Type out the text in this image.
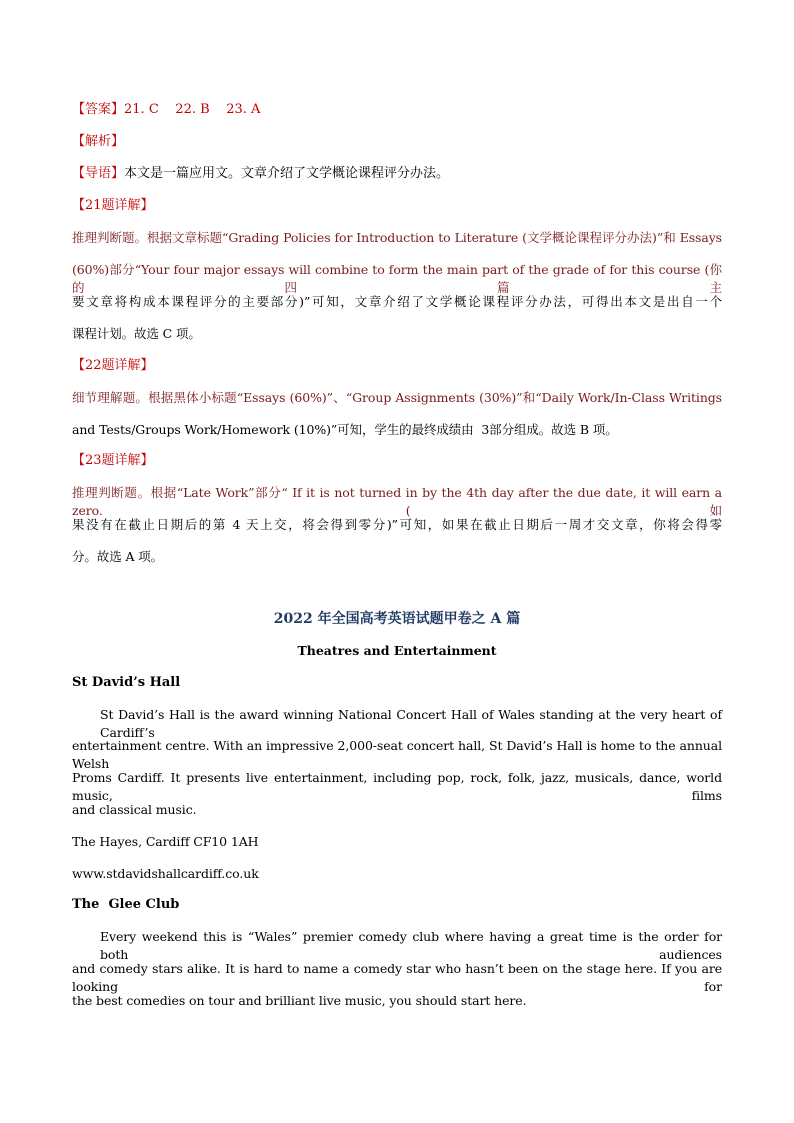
【答案】21. C    22. B    23. A
【解析】
【导语】本文是一篇应用文。文章介绍了文学概论课程评分办法。
【21题详解】
推理判断题。根据文章标题“Grading Policies for Introduction to Literature (文学概论课程评分办法)”和 Essays
(60%)部分“Your four major essays will combine to form the main part of the grade of for this course (你的四篇主
要文章将构成本课程评分的主要部分)”可知，文章介绍了文学概论课程评分办法，可得出本文是出自一个
课程计划。故选 C 项。
【22题详解】
细节理解题。根据黑体小标题“Essays (60%)”、“Group Assignments (30%)”和“Daily Work/In-Class Writings
and Tests/Groups Work/Homework (10%)”可知，学生的最终成绩由  3部分组成。故选 B 项。
【23题详解】
推理判断题。根据“Late Work”部分“ If it is not turned in by the 4th day after the due date, it will earn a zero. (如
果没有在截止日期后的第 4 天上交，将会得到零分)”可知，如果在截止日期后一周才交文章，你将会得零
分。故选 A 项。
2022 年全国高考英语试题甲卷之 A 篇
Theatres and Entertainment
St David’s Hall
St David’s Hall is the award winning National Concert Hall of Wales standing at the very heart of Cardiff’s
entertainment centre. With an impressive 2,000-seat concert hall, St David’s Hall is home to the annual Welsh
Proms Cardiff. It presents live entertainment, including pop, rock, folk, jazz, musicals, dance, world music, films
and classical music.
The Hayes, Cardiff CF10 1AH
www.stdavidshallcardiff.co.uk
The  Glee Club
Every weekend this is “Wales” premier comedy club where having a great time is the order for both audiences
and comedy stars alike. It is hard to name a comedy star who hasn’t been on the stage here. If you are looking for
the best comedies on tour and brilliant live music, you should start here.
